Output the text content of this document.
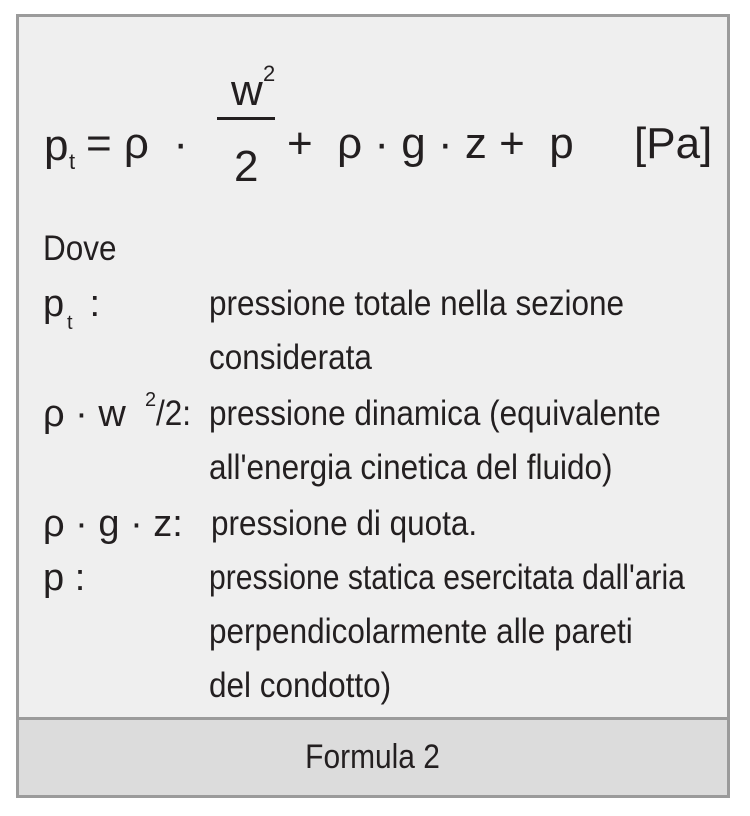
p t = ρ  ·
w 2
2 +  ρ · g · z +  p [Pa]
Dove
p t :	pressione totale nella sezione
considerata
ρ · w 2 /2: pressione dinamica (equivalente
all'energia cinetica del fluido)
ρ · g · z: pressione di quota.
p :	pressione statica esercitata dall'aria
perpendicolarmente alle pareti
del condotto)
Formula 2
